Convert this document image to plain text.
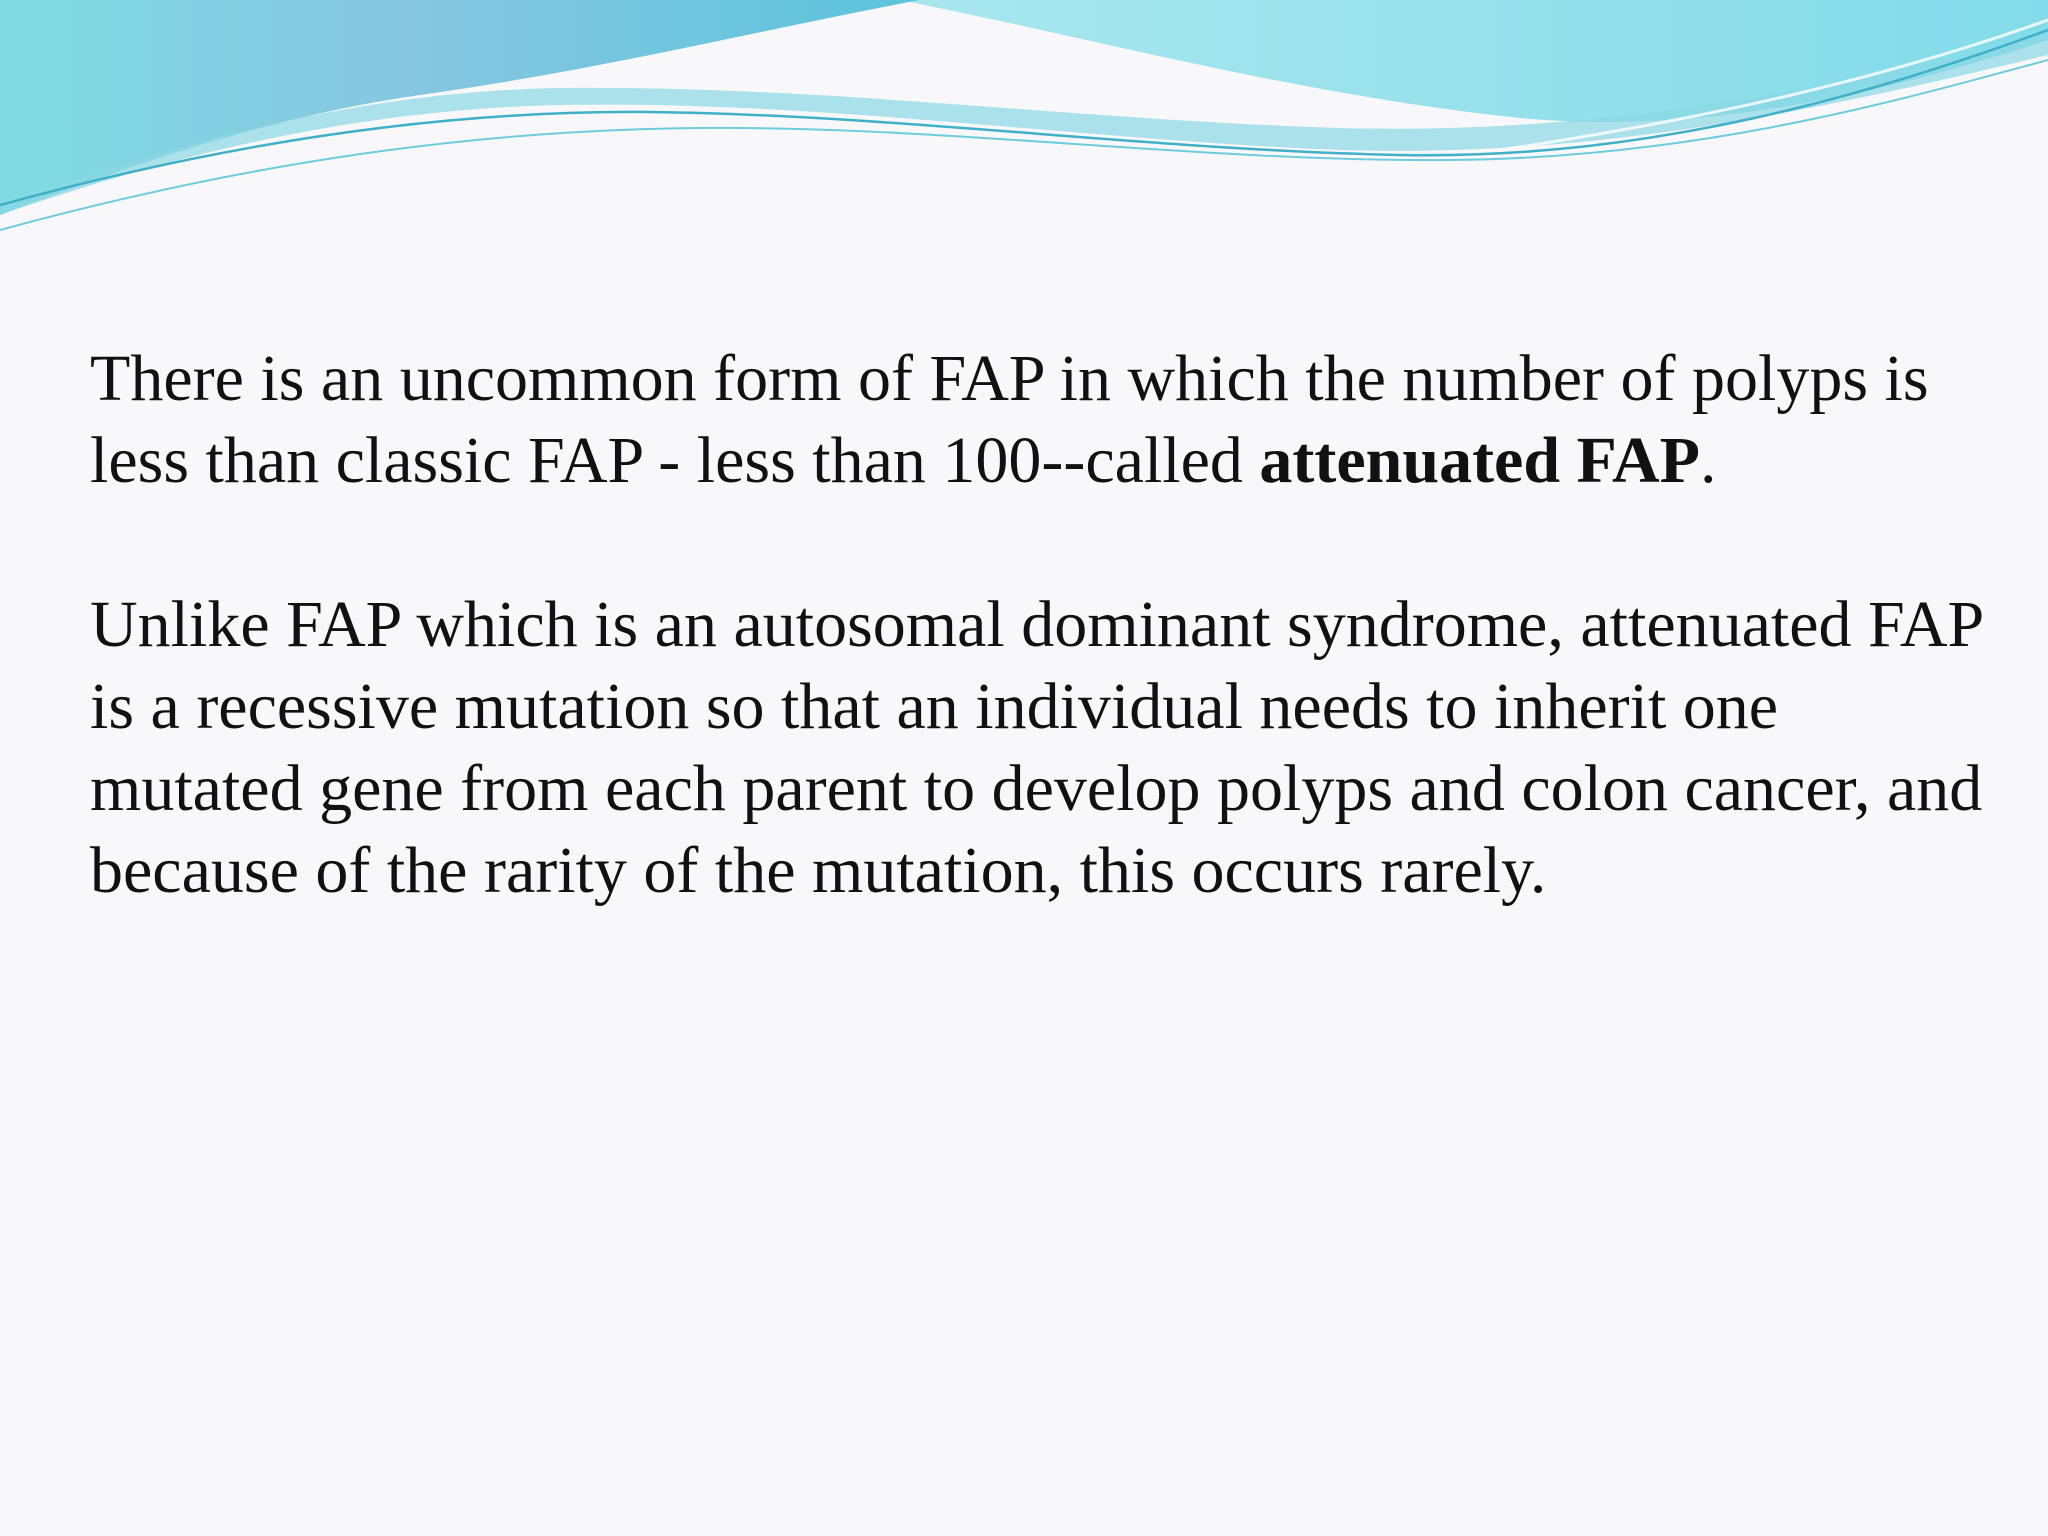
There is an uncommon form of FAP in which the number of polyps is less than classic FAP - less than 100--called attenuated FAP.

Unlike FAP which is an autosomal dominant syndrome, attenuated FAP is a recessive mutation so that an individual needs to inherit one mutated gene from each parent to develop polyps and colon cancer, and because of the rarity of the mutation, this occurs rarely.
